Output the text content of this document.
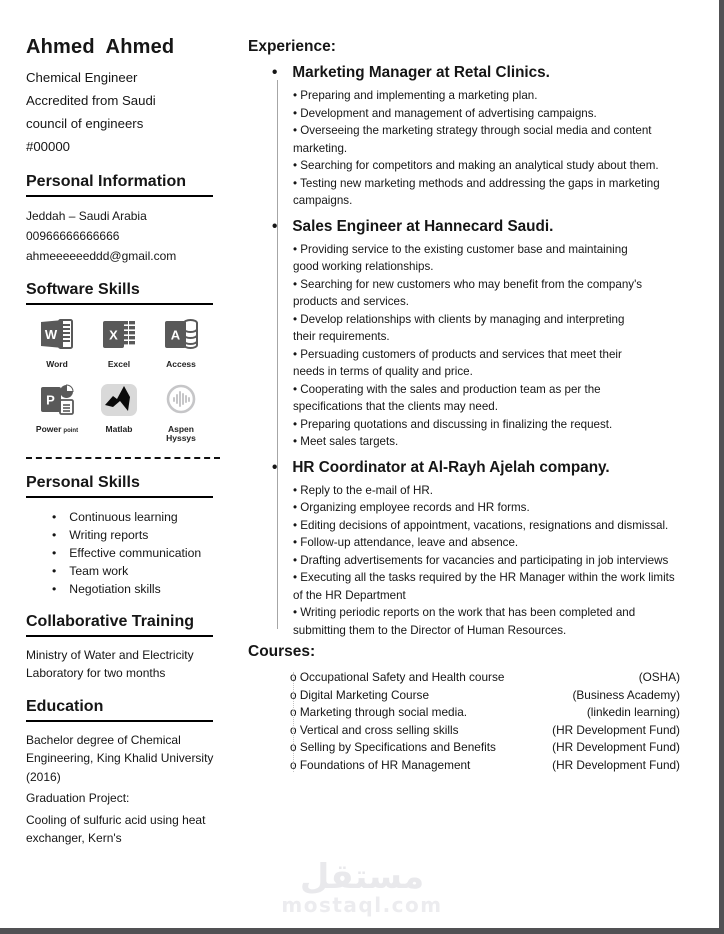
Ahmed  Ahmed
Chemical Engineer
Accredited from Saudi
council of engineers
#00000
Personal Information
Jeddah – Saudi Arabia
00966666666666
ahmeeeeeeddd@gmail.com
Software Skills
W
Word
X
Excel
A
Access
P
Power point	Matlab	Aspen
Hyssys
Personal Skills
• Continuous learning
• Writing reports
• Effective communication
• Team work
• Negotiation skills
Collaborative Training
Ministry of Water and Electricity
Laboratory for two months
Education
Bachelor degree of Chemical
Engineering, King Khalid University
(2016)
Graduation Project:
Cooling of sulfuric acid using heat
exchanger, Kern's
Experience:
• Marketing Manager at Retal Clinics.
• Preparing and implementing a marketing plan.
• Development and management of advertising campaigns.
• Overseeing the marketing strategy through social media and content
marketing.
• Searching for competitors and making an analytical study about them.
• Testing new marketing methods and addressing the gaps in marketing
campaigns.
• Sales Engineer at Hannecard Saudi.
• Providing service to the existing customer base and maintaining
good working relationships.
• Searching for new customers who may benefit from the company's
products and services.
• Develop relationships with clients by managing and interpreting
their requirements.
• Persuading customers of products and services that meet their
needs in terms of quality and price.
• Cooperating with the sales and production team as per the
specifications that the clients may need.
• Preparing quotations and discussing in finalizing the request.
• Meet sales targets.
• HR Coordinator at Al-Rayh Ajelah company.
• Reply to the e-mail of HR.
• Organizing employee records and HR forms.
• Editing decisions of appointment, vacations, resignations and dismissal.
• Follow-up attendance, leave and absence.
• Drafting advertisements for vacancies and participating in job interviews
• Executing all the tasks required by the HR Manager within the work limits
of the HR Department
• Writing periodic reports on the work that has been completed and
submitting them to the Director of Human Resources.
Courses:
o Occupational Safety and Health course	(OSHA)
o Digital Marketing Course	(Business Academy)
o Marketing through social media.	(linkedin learning)
o Vertical and cross selling skills	(HR Development Fund)
o Selling by Specifications and Benefits	(HR Development Fund)
o Foundations of HR Management	(HR Development Fund)
مستقل
mostaql.com
